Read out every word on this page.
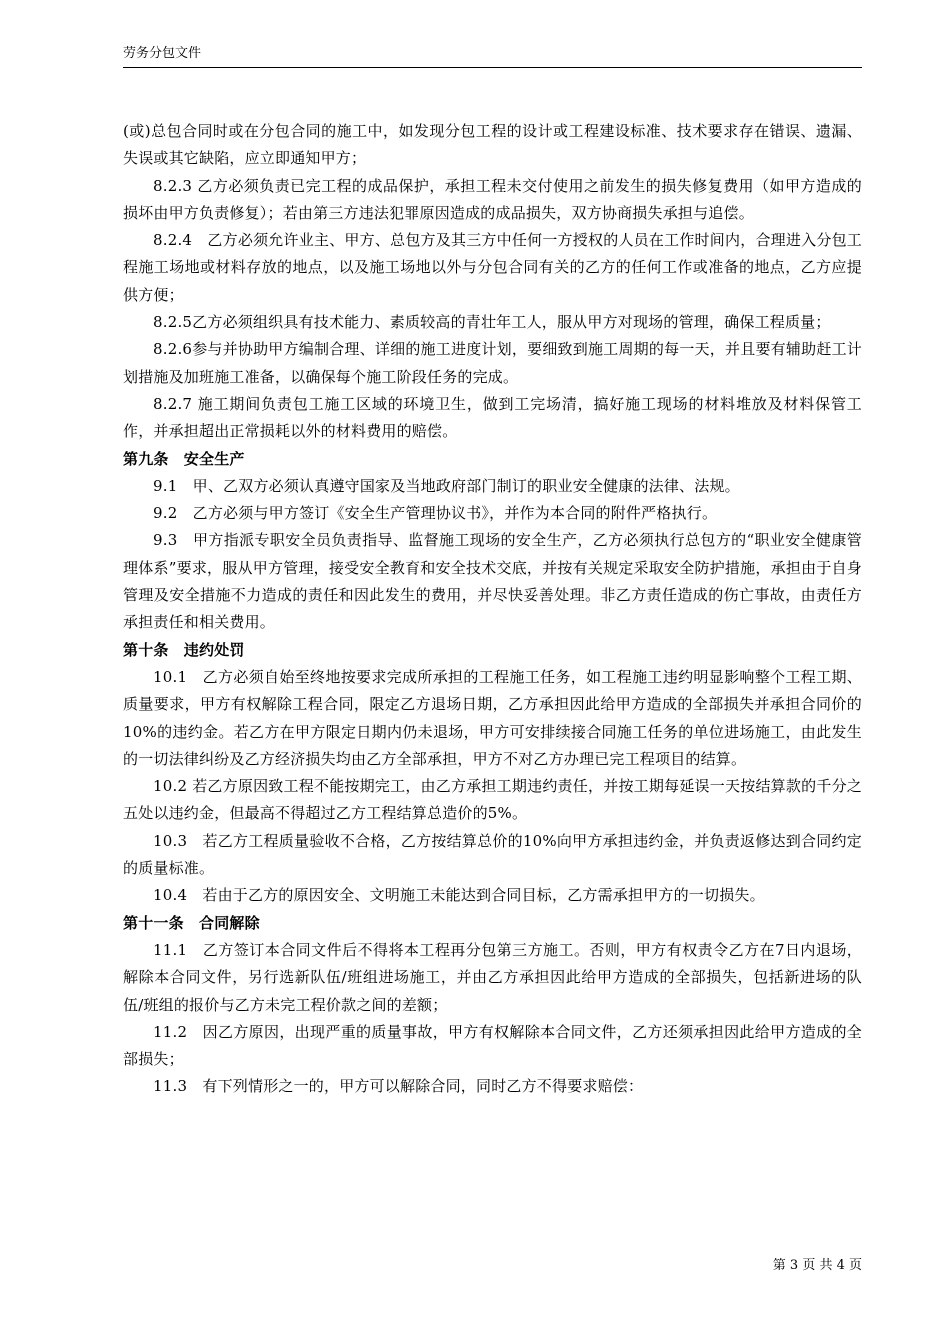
劳务分包文件

(或)总包合同时或在分包合同的施工中，如发现分包工程的设计或工程建设标准、技术要求存在错误、遗漏、失误或其它缺陷，应立即通知甲方；

8.2.3 乙方必须负责已完工程的成品保护，承担工程未交付使用之前发生的损失修复费用（如甲方造成的损坏由甲方负责修复）；若由第三方违法犯罪原因造成的成品损失，双方协商损失承担与追偿。

8.2.4　乙方必须允许业主、甲方、总包方及其三方中任何一方授权的人员在工作时间内，合理进入分包工程施工场地或材料存放的地点，以及施工场地以外与分包合同有关的乙方的任何工作或准备的地点，乙方应提供方便；

8.2.5乙方必须组织具有技术能力、素质较高的青壮年工人，服从甲方对现场的管理，确保工程质量；

8.2.6参与并协助甲方编制合理、详细的施工进度计划，要细致到施工周期的每一天，并且要有辅助赶工计划措施及加班施工准备，以确保每个施工阶段任务的完成。

8.2.7 施工期间负责包工施工区域的环境卫生，做到工完场清，搞好施工现场的材料堆放及材料保管工作，并承担超出正常损耗以外的材料费用的赔偿。

第九条　安全生产

9.1　甲、乙双方必须认真遵守国家及当地政府部门制订的职业安全健康的法律、法规。

9.2　乙方必须与甲方签订《安全生产管理协议书》，并作为本合同的附件严格执行。

9.3　甲方指派专职安全员负责指导、监督施工现场的安全生产，乙方必须执行总包方的“职业安全健康管理体系”要求，服从甲方管理，接受安全教育和安全技术交底，并按有关规定采取安全防护措施，承担由于自身管理及安全措施不力造成的责任和因此发生的费用，并尽快妥善处理。非乙方责任造成的伤亡事故，由责任方承担责任和相关费用。

第十条　违约处罚

10.1　乙方必须自始至终地按要求完成所承担的工程施工任务，如工程施工违约明显影响整个工程工期、质量要求，甲方有权解除工程合同，限定乙方退场日期，乙方承担因此给甲方造成的全部损失并承担合同价的10%的违约金。若乙方在甲方限定日期内仍未退场，甲方可安排续接合同施工任务的单位进场施工，由此发生的一切法律纠纷及乙方经济损失均由乙方全部承担，甲方不对乙方办理已完工程项目的结算。

10.2 若乙方原因致工程不能按期完工，由乙方承担工期违约责任，并按工期每延误一天按结算款的千分之五处以违约金，但最高不得超过乙方工程结算总造价的5%。

10.3　若乙方工程质量验收不合格，乙方按结算总价的10%向甲方承担违约金，并负责返修达到合同约定的质量标准。

10.4　若由于乙方的原因安全、文明施工未能达到合同目标，乙方需承担甲方的一切损失。

第十一条　合同解除

11.1　乙方签订本合同文件后不得将本工程再分包第三方施工。否则，甲方有权责令乙方在7日内退场，解除本合同文件，另行选新队伍/班组进场施工，并由乙方承担因此给甲方造成的全部损失，包括新进场的队伍/班组的报价与乙方未完工程价款之间的差额；

11.2　因乙方原因，出现严重的质量事故，甲方有权解除本合同文件，乙方还须承担因此给甲方造成的全部损失；

11.3　有下列情形之一的，甲方可以解除合同，同时乙方不得要求赔偿：

第 3 页 共 4 页
